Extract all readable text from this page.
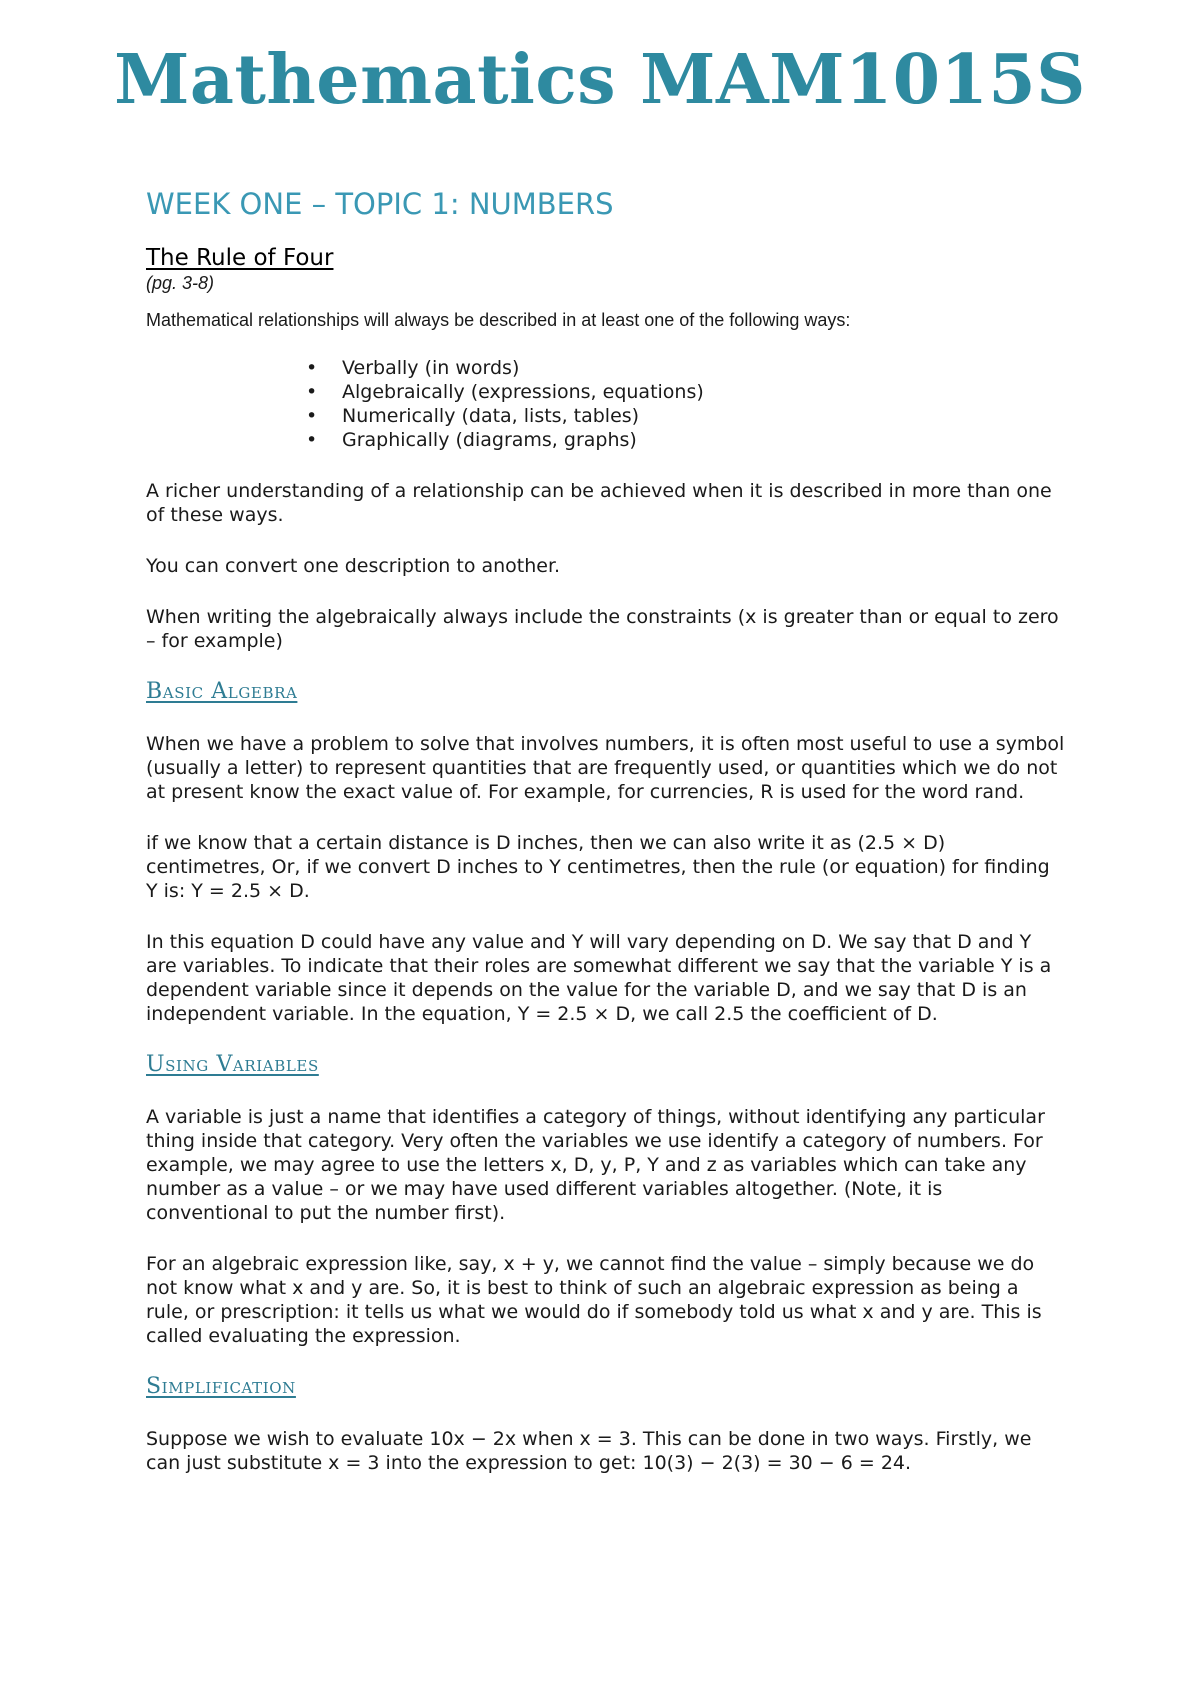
Mathematics MAM1015S
WEEK ONE – TOPIC 1: NUMBERS
The Rule of Four

(pg. 3-8)

Mathematical relationships will always be described in at least one of the following ways:

• Verbally (in words)
• Algebraically (expressions, equations)
• Numerically (data, lists, tables)
• Graphically (diagrams, graphs)

A richer understanding of a relationship can be achieved when it is described in more than one of these ways.

You can convert one description to another.

When writing the algebraically always include the constraints (x is greater than or equal to zero – for example)

Basic Algebra

When we have a problem to solve that involves numbers, it is often most useful to use a symbol (usually a letter) to represent quantities that are frequently used, or quantities which we do not at present know the exact value of. For example, for currencies, R is used for the word rand.

if we know that a certain distance is D inches, then we can also write it as (2.5 × D) centimetres, Or, if we convert D inches to Y centimetres, then the rule (or equation) for finding Y is: Y = 2.5 × D.

In this equation D could have any value and Y will vary depending on D. We say that D and Y are variables. To indicate that their roles are somewhat different we say that the variable Y is a dependent variable since it depends on the value for the variable D, and we say that D is an independent variable. In the equation, Y = 2.5 × D, we call 2.5 the coefficient of D.

Using Variables

A variable is just a name that identifies a category of things, without identifying any particular thing inside that category. Very often the variables we use identify a category of numbers. For example, we may agree to use the letters x, D, y, P, Y and z as variables which can take any number as a value – or we may have used different variables altogether. (Note, it is conventional to put the number first).

For an algebraic expression like, say, x + y, we cannot find the value – simply because we do not know what x and y are. So, it is best to think of such an algebraic expression as being a rule, or prescription: it tells us what we would do if somebody told us what x and y are. This is called evaluating the expression.

Simplification

Suppose we wish to evaluate 10x − 2x when x = 3. This can be done in two ways. Firstly, we can just substitute x = 3 into the expression to get: 10(3) − 2(3) = 30 − 6 = 24.
